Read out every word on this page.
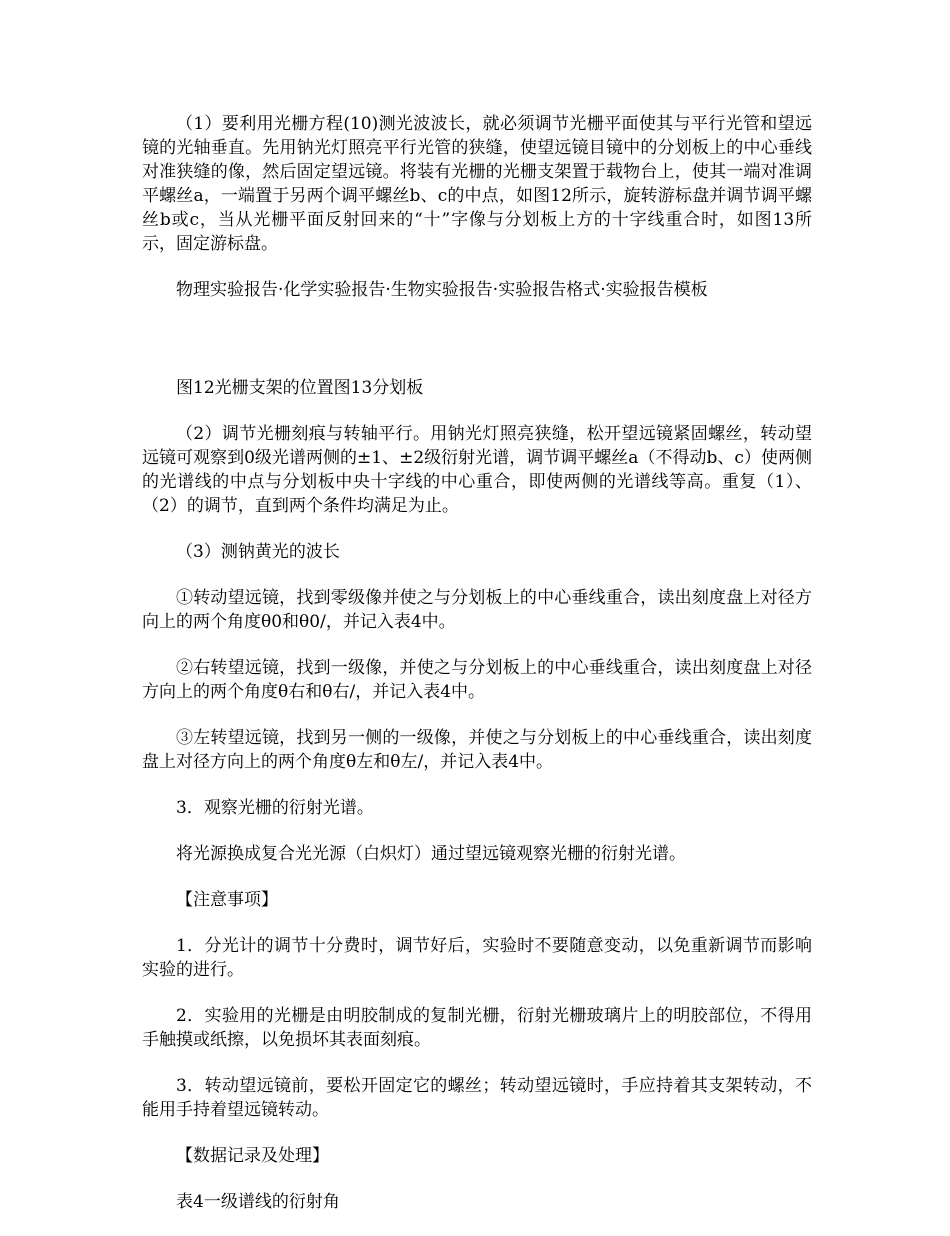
（1）要利用光栅方程(10)测光波波长，就必须调节光栅平面使其与平行光管和望远镜的光轴垂直。先用钠光灯照亮平行光管的狭缝，使望远镜目镜中的分划板上的中心垂线对准狭缝的像，然后固定望远镜。将装有光栅的光栅支架置于载物台上，使其一端对准调平螺丝a，一端置于另两个调平螺丝b、c的中点，如图12所示，旋转游标盘并调节调平螺丝b或c，当从光栅平面反射回来的“十”字像与分划板上方的十字线重合时，如图13所示，固定游标盘。

物理实验报告·化学实验报告·生物实验报告·实验报告格式·实验报告模板

图12光栅支架的位置图13分划板

（2）调节光栅刻痕与转轴平行。用钠光灯照亮狭缝，松开望远镜紧固螺丝，转动望远镜可观察到0级光谱两侧的±1、±2级衍射光谱，调节调平螺丝a（不得动b、c）使两侧的光谱线的中点与分划板中央十字线的中心重合，即使两侧的光谱线等高。重复（1）、（2）的调节，直到两个条件均满足为止。

（3）测钠黄光的波长

①转动望远镜，找到零级像并使之与分划板上的中心垂线重合，读出刻度盘上对径方向上的两个角度θ0和θ0/，并记入表4中。

②右转望远镜，找到一级像，并使之与分划板上的中心垂线重合，读出刻度盘上对径方向上的两个角度θ右和θ右/，并记入表4中。

③左转望远镜，找到另一侧的一级像，并使之与分划板上的中心垂线重合，读出刻度盘上对径方向上的两个角度θ左和θ左/，并记入表4中。

3．观察光栅的衍射光谱。

将光源换成复合光光源（白炽灯）通过望远镜观察光栅的衍射光谱。

【注意事项】

1．分光计的调节十分费时，调节好后，实验时不要随意变动，以免重新调节而影响实验的进行。

2．实验用的光栅是由明胶制成的复制光栅，衍射光栅玻璃片上的明胶部位，不得用手触摸或纸擦，以免损坏其表面刻痕。

3．转动望远镜前，要松开固定它的螺丝；转动望远镜时，手应持着其支架转动，不能用手持着望远镜转动。

【数据记录及处理】

表4一级谱线的衍射角
